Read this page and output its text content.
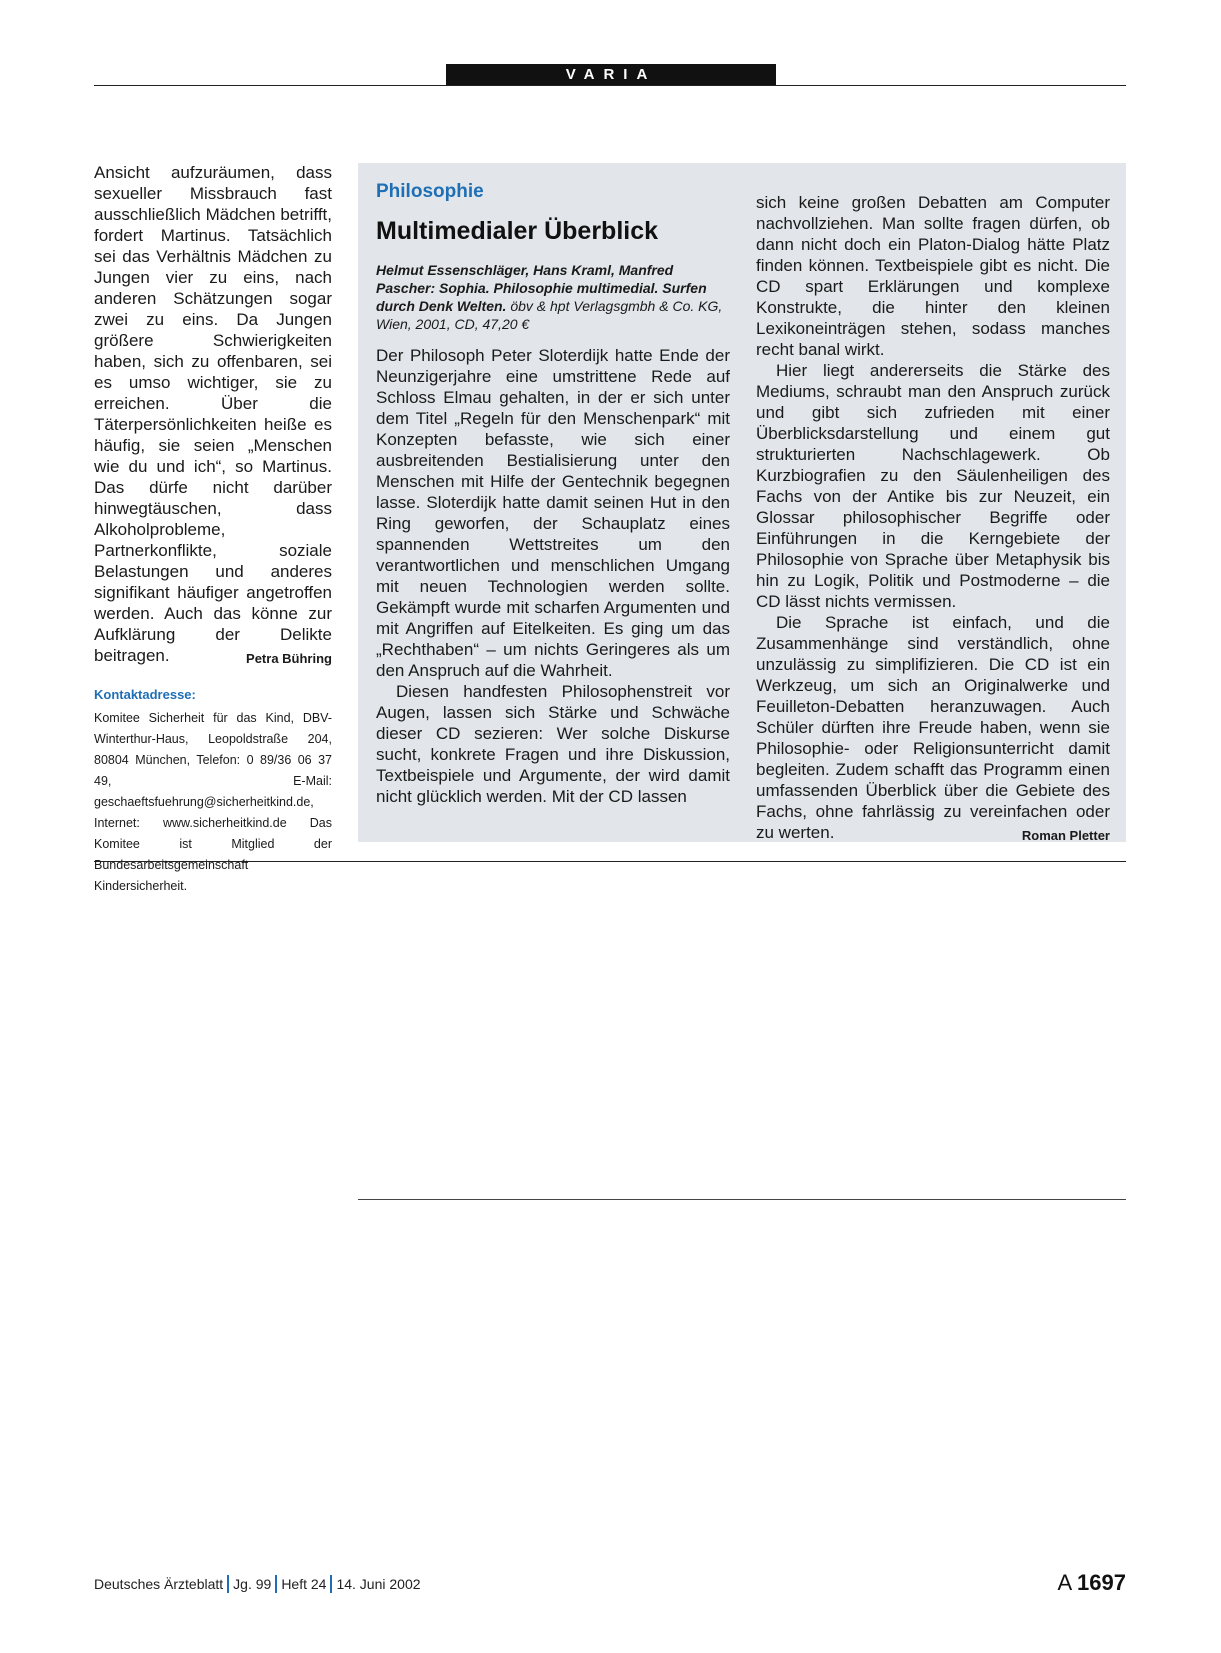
VARIA

Ansicht aufzuräumen, dass sexueller Missbrauch fast ausschließlich Mädchen betrifft, fordert Martinus. Tatsächlich sei das Verhältnis Mädchen zu Jungen vier zu eins, nach anderen Schätzungen sogar zwei zu eins. Da Jungen größere Schwierigkeiten haben, sich zu offenbaren, sei es umso wichtiger, sie zu erreichen. Über die Täterpersönlichkeiten heiße es häufig, sie seien „Menschen wie du und ich“, so Martinus. Das dürfe nicht darüber hinwegtäuschen, dass Alkoholprobleme, Partnerkonflikte, soziale Belastungen und anderes signifikant häufiger angetroffen werden. Auch das könne zur Aufklärung der Delikte beitragen.	Petra Bühring

Kontaktadresse:

Komitee Sicherheit für das Kind, DBV-Winterthur-Haus, Leopoldstraße 204, 80804 München, Telefon: 0 89/36 06 37 49, E-Mail: geschaeftsfuehrung@sicherheitkind.de, Internet: www.sicherheitkind.de Das Komitee ist Mitglied der Bundesarbeitsgemeinschaft Kindersicherheit.

Philosophie

Multimedialer Überblick

Helmut Essenschläger, Hans Kraml, Manfred Pascher: Sophia. Philosophie multimedial. Surfen durch Denk Welten. öbv & hpt Verlagsgmbh & Co. KG, Wien, 2001, CD, 47,20 €

Der Philosoph Peter Sloterdijk hatte Ende der Neunzigerjahre eine umstrittene Rede auf Schloss Elmau gehalten, in der er sich unter dem Titel „Regeln für den Menschenpark“ mit Konzepten befasste, wie sich einer ausbreitenden Bestialisierung unter den Menschen mit Hilfe der Gentechnik begegnen lasse. Sloterdijk hatte damit seinen Hut in den Ring geworfen, der Schauplatz eines spannenden Wettstreites um den verantwortlichen und menschlichen Umgang mit neuen Technologien werden sollte. Gekämpft wurde mit scharfen Argumenten und mit Angriffen auf Eitelkeiten. Es ging um das „Rechthaben“ – um nichts Geringeres als um den Anspruch auf die Wahrheit.

Diesen handfesten Philosophenstreit vor Augen, lassen sich Stärke und Schwäche dieser CD sezieren: Wer solche Diskurse sucht, konkrete Fragen und ihre Diskussion, Textbeispiele und Argumente, der wird damit nicht glücklich werden. Mit der CD lassen

sich keine großen Debatten am Computer nachvollziehen. Man sollte fragen dürfen, ob dann nicht doch ein Platon-Dialog hätte Platz finden können. Textbeispiele gibt es nicht. Die CD spart Erklärungen und komplexe Konstrukte, die hinter den kleinen Lexikoneinträgen stehen, sodass manches recht banal wirkt.

Hier liegt andererseits die Stärke des Mediums, schraubt man den Anspruch zurück und gibt sich zufrieden mit einer Überblicksdarstellung und einem gut strukturierten Nachschlagewerk. Ob Kurzbiografien zu den Säulenheiligen des Fachs von der Antike bis zur Neuzeit, ein Glossar philosophischer Begriffe oder Einführungen in die Kerngebiete der Philosophie von Sprache über Metaphysik bis hin zu Logik, Politik und Postmoderne – die CD lässt nichts vermissen.

Die Sprache ist einfach, und die Zusammenhänge sind verständlich, ohne unzulässig zu simplifizieren. Die CD ist ein Werkzeug, um sich an Originalwerke und Feuilleton-Debatten heranzuwagen. Auch Schüler dürften ihre Freude haben, wenn sie Philosophie- oder Religionsunterricht damit begleiten. Zudem schafft das Programm einen umfassenden Überblick über die Gebiete des Fachs, ohne fahrlässig zu vereinfachen oder zu werten.	Roman Pletter

Deutsches Ärzteblatt Jg. 99 Heft 24 14. Juni 2002	A 1697
